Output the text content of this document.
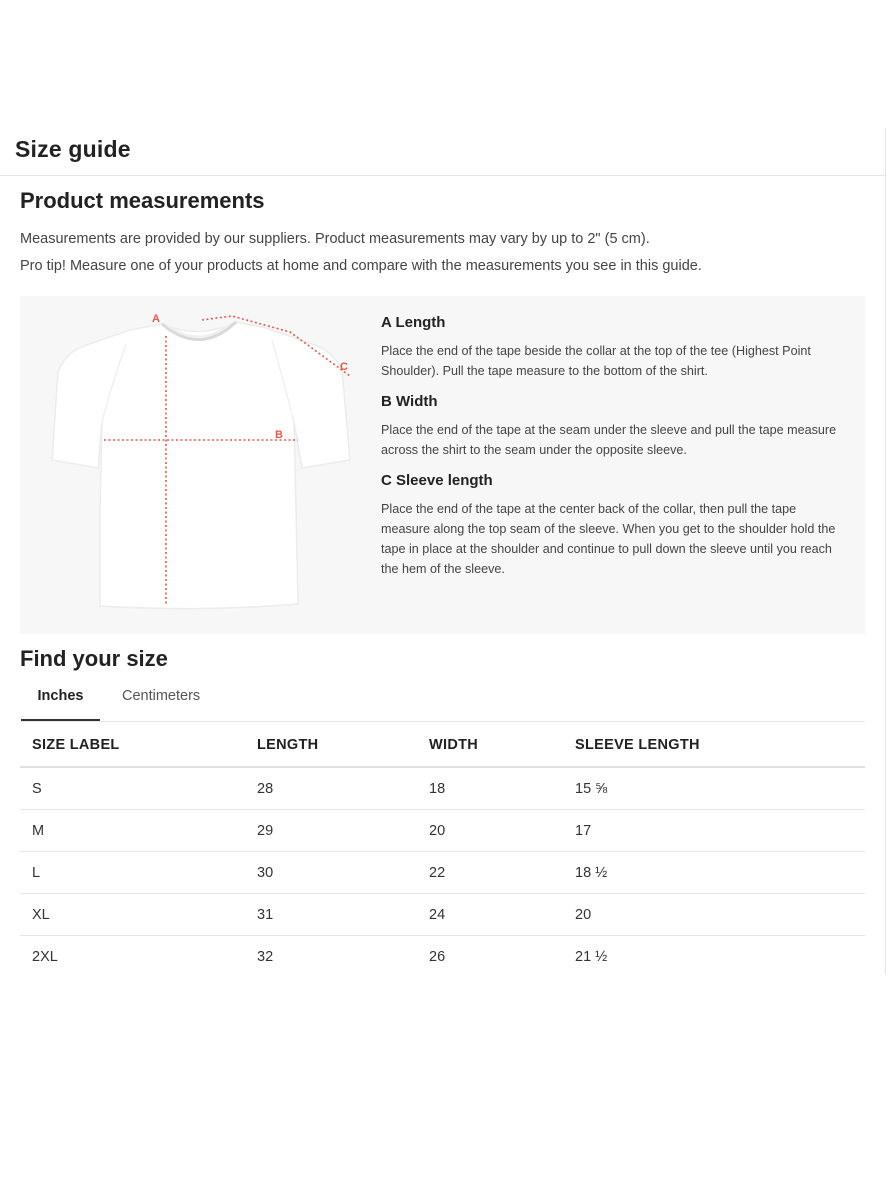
Size guide
Product measurements

Measurements are provided by our suppliers. Product measurements may vary by up to 2" (5 cm).

Pro tip! Measure one of your products at home and compare with the measurements you see in this guide.

A
B
C
A Length

Place the end of the tape beside the collar at the top of the tee (Highest Point Shoulder). Pull the tape measure to the bottom of the shirt.

B Width

Place the end of the tape at the seam under the sleeve and pull the tape measure across the shirt to the seam under the opposite sleeve.

C Sleeve length

Place the end of the tape at the center back of the collar, then pull the tape measure along the top seam of the sleeve. When you get to the shoulder hold the tape in place at the shoulder and continue to pull down the sleeve until you reach the hem of the sleeve.

Find your size
Inches	Centimeters
SIZE LABEL	LENGTH	WIDTH	SLEEVE LENGTH
S	28	18	15 ⅝
M	29	20	17
L	30	22	18 ½
XL	31	24	20
2XL	32	26	21 ½
